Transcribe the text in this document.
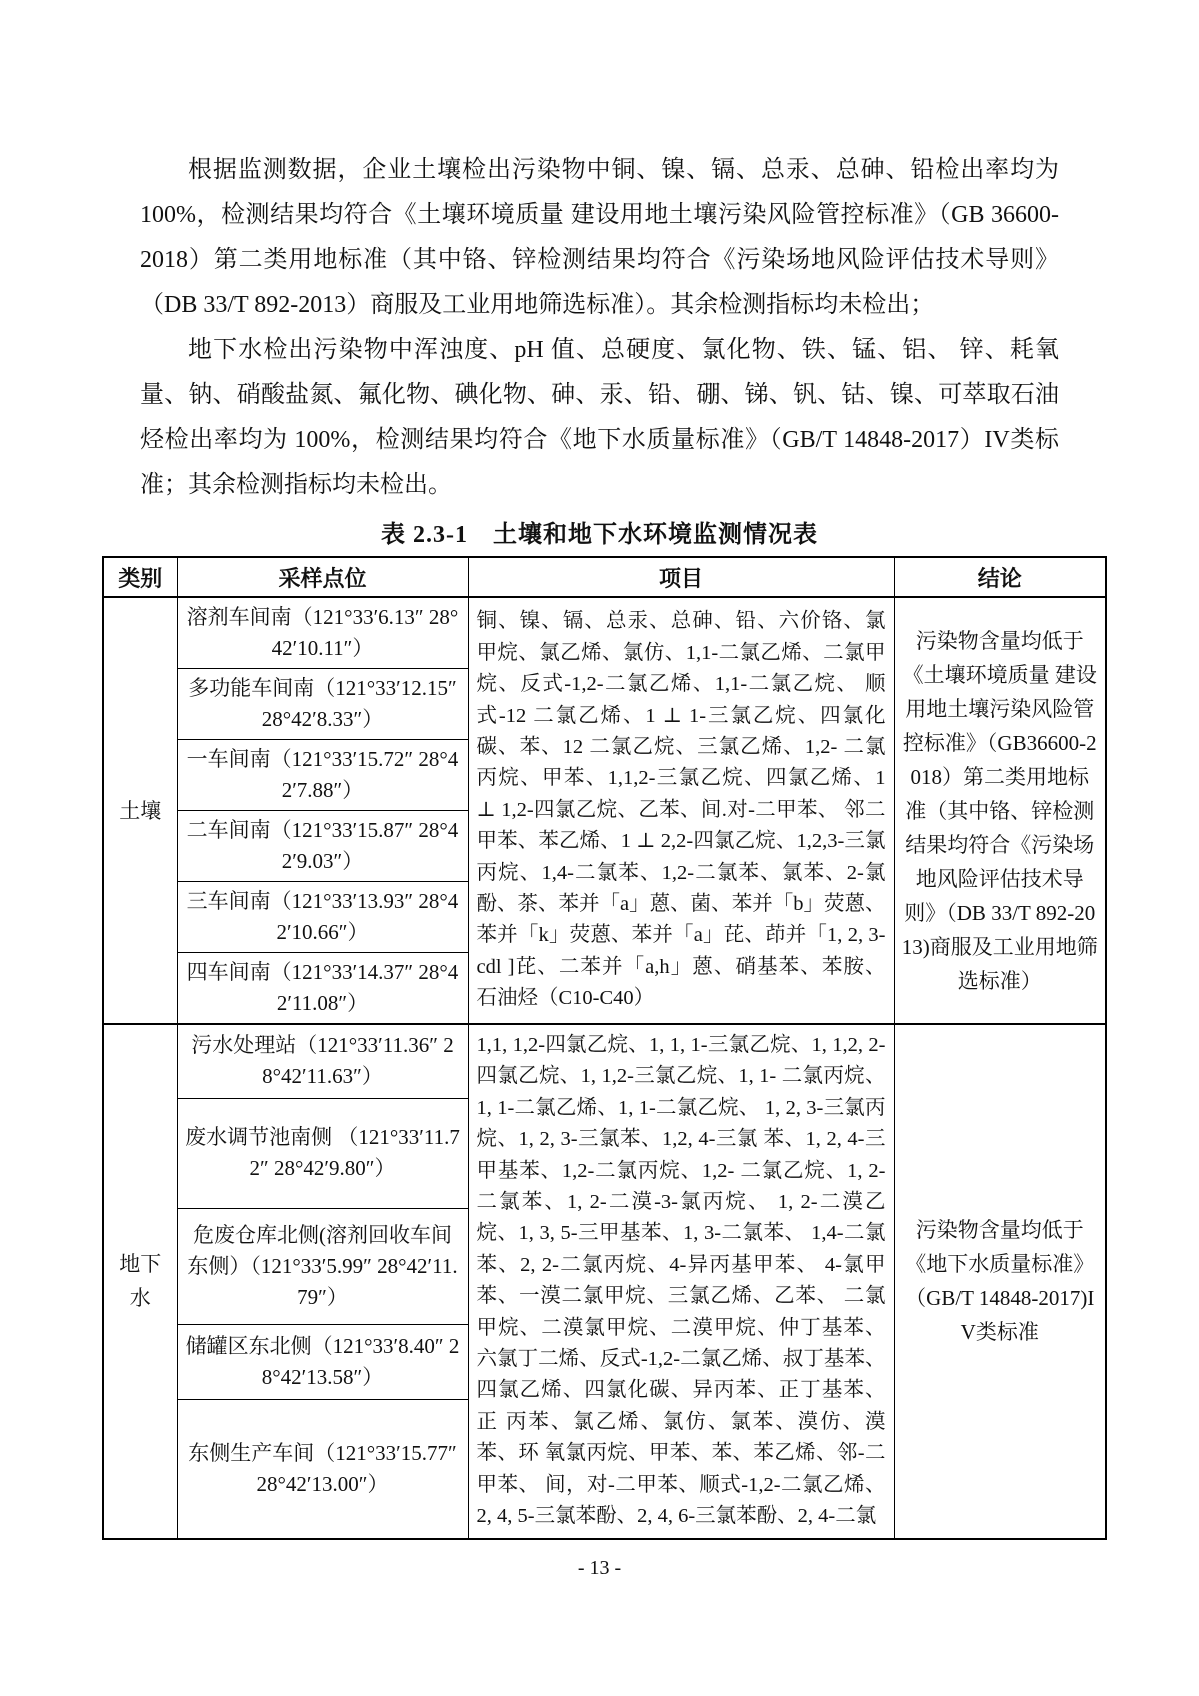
根据监测数据，企业土壤检出污染物中铜、镍、镉、总汞、总砷、铅检出率均为 100%，检测结果均符合《土壤环境质量 建设用地土壤污染风险管控标准》（GB 36600-2018）第二类用地标准（其中铬、锌检测结果均符合《污染场地风险评估技术导则》（DB 33/T 892-2013）商服及工业用地筛选标准）。其余检测指标均未检出；

地下水检出污染物中浑浊度、pH 值、总硬度、氯化物、铁、锰、铝、 锌、耗氧量、钠、硝酸盐氮、氟化物、碘化物、砷、汞、铅、硼、锑、钒、钴、镍、可萃取石油烃检出率均为 100%，检测结果均符合《地下水质量标准》（GB/T 14848-2017）IV类标准；其余检测指标均未检出。

表 2.3-1　土壤和地下水环境监测情况表
类别	采样点位	项目	结论
土壤	溶剂车间南（121°33′6.13″ 28°42′10.11″）	铜、镍、镉、总汞、总砷、铅、六价铬、氯甲烷、氯乙烯、氯仿、1,1-二氯乙烯、二氯甲烷、反式-1,2-二氯乙烯、1,1-二氯乙烷、 顺式-12 二氯乙烯、1 ⊥ 1-三氯乙烷、四氯化碳、苯、12 二氯乙烷、三氯乙烯、1,2- 二氯丙烷、甲苯、1,1,2-三氯乙烷、四氯乙烯、1 ⊥ 1,2-四氯乙烷、乙苯、间.对-二甲苯、 邻二甲苯、苯乙烯、1 ⊥ 2,2-四氯乙烷、1,2,3-三氯丙烷、1,4-二氯苯、1,2-二氯苯、氯苯、2-氯酚、茶、苯并「a」蒽、菌、苯并「b」荧蒽、苯并「k」荧蒽、苯并「a」芘、茚并「1, 2, 3-cdl ]芘、二苯并「a,h」蒽、硝基苯、苯胺、石油烃（C10-C40）	污染物含量均低于《土壤环境质量 建设用地土壤污染风险管控标准》（GB36600-2018）第二类用地标准（其中铬、锌检测结果均符合《污染场地风险评估技术导则》（DB 33/T 892-2013)商服及工业用地筛选标准）
	多功能车间南（121°33′12.15″ 28°42′8.33″）		
	一车间南（121°33′15.72″ 28°42′7.88″）		
	二车间南（121°33′15.87″ 28°42′9.03″）		
	三车间南（121°33′13.93″ 28°42′10.66″）		
	四车间南（121°33′14.37″ 28°42′11.08″）		
地下水	污水处理站（121°33′11.36″ 28°42′11.63″）	1,1, 1,2-四氯乙烷、1, 1, 1-三氯乙烷、1, 1,2, 2-四氯乙烷、1, 1,2-三氯乙烷、1, 1- 二氯丙烷、1, 1-二氯乙烯、1, 1-二氯乙烷、 1, 2, 3-三氯丙烷、1, 2, 3-三氯苯、1,2, 4-三氯 苯、1, 2, 4-三甲基苯、1,2-二氯丙烷、1,2- 二氯乙烷、1, 2-二氯苯、1, 2-二漠-3-氯丙烷、 1, 2-二漠乙烷、1, 3, 5-三甲基苯、1, 3-二氯苯、 1,4-二氯苯、2, 2-二氯丙烷、4-异丙基甲苯、 4-氯甲苯、一漠二氯甲烷、三氯乙烯、乙苯、 二氯甲烷、二漠氯甲烷、二漠甲烷、仲丁基苯、六氯丁二烯、反式-1,2-二氯乙烯、叔丁基苯、四氯乙烯、四氯化碳、异丙苯、正丁基苯、正 丙苯、氯乙烯、氯仿、氯苯、漠仿、漠苯、环 氧氯丙烷、甲苯、苯、苯乙烯、邻-二甲苯、 间，对-二甲苯、顺式-1,2-二氯乙烯、2, 4, 5-三氯苯酚、2, 4, 6-三氯苯酚、2, 4-二氯	污染物含量均低于《地下水质量标准》（GB/T 14848-2017)IV类标准
	废水调节池南侧 （121°33′11.72″ 28°42′9.80″）		
	危废仓库北侧(溶剂回收车间东侧）（121°33′5.99″ 28°42′11.79″）		
	储罐区东北侧（121°33′8.40″ 28°42′13.58″）		
	东侧生产车间（121°33′15.77″ 28°42′13.00″）		
- 13 -
